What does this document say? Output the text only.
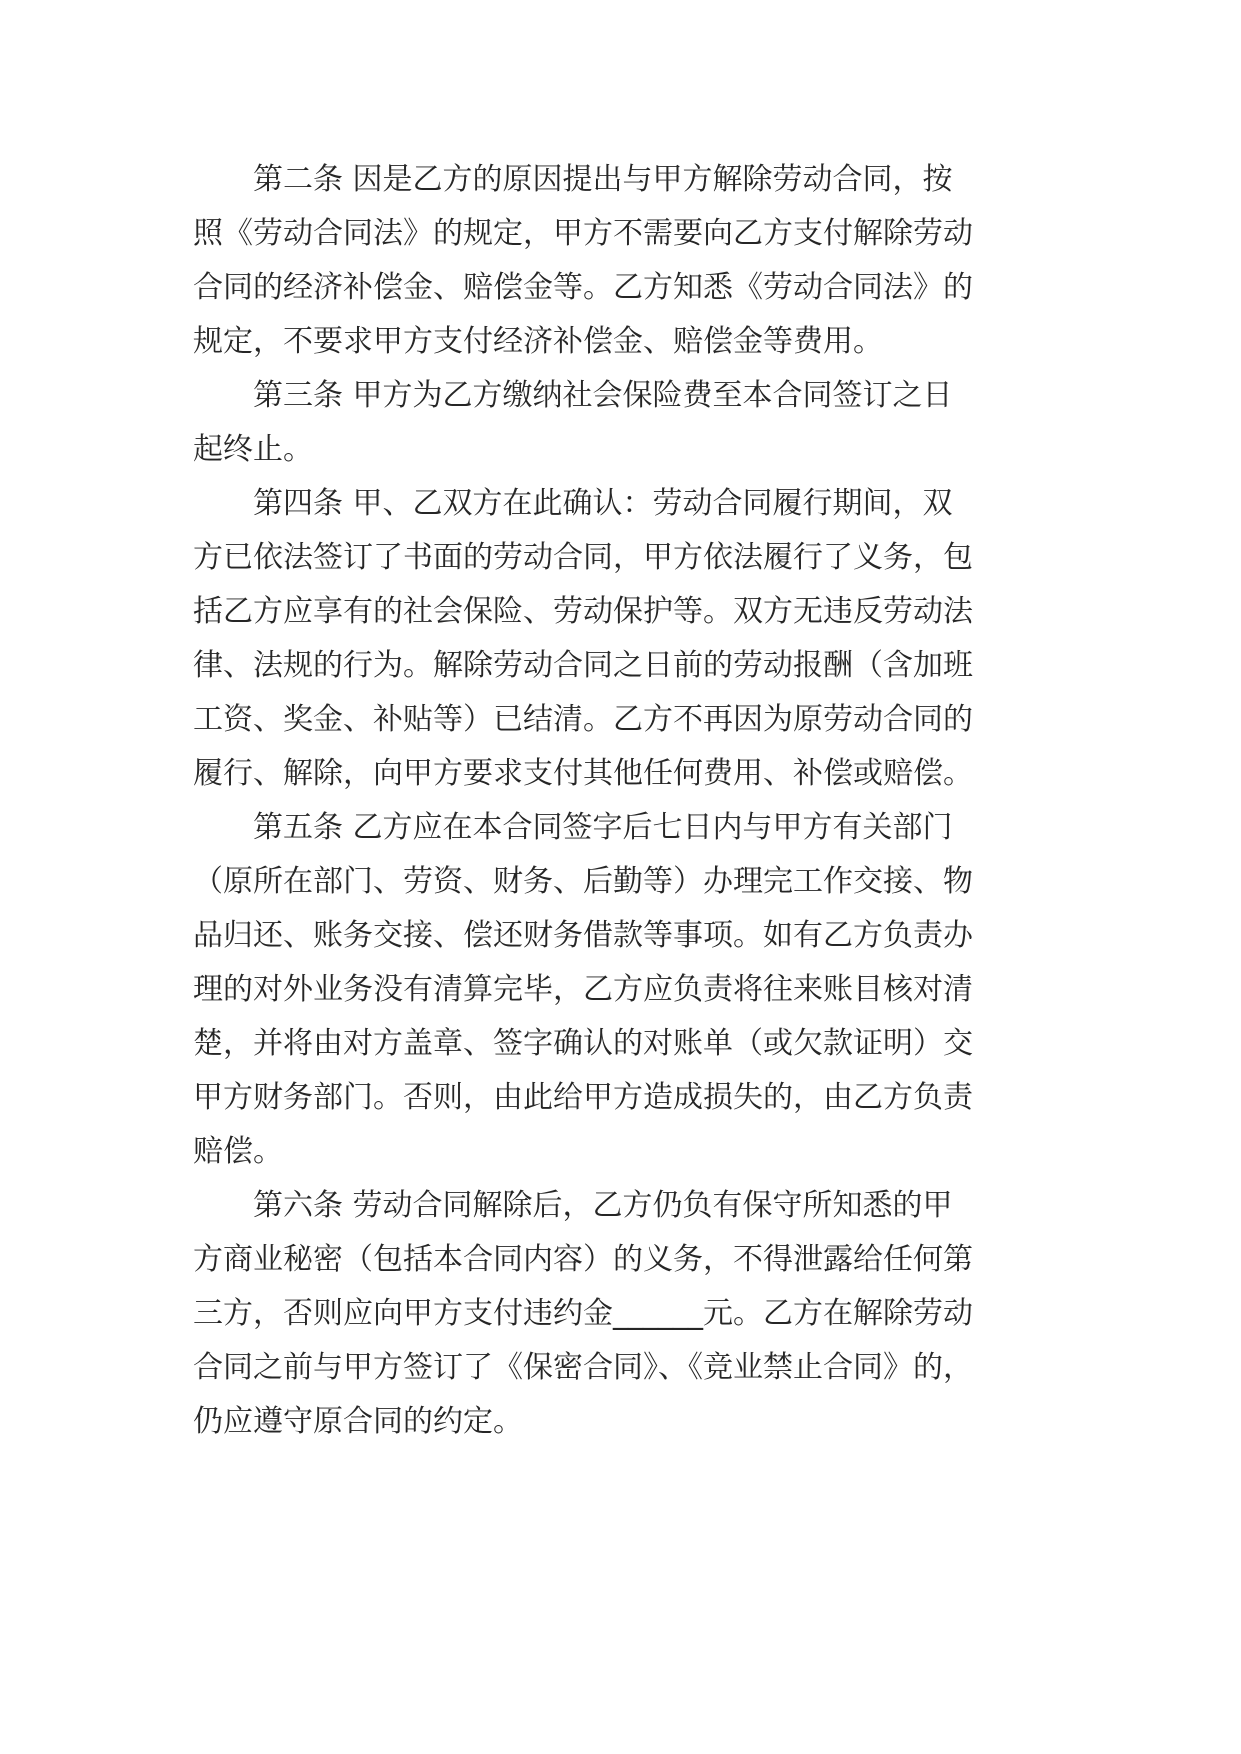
第二条 因是乙方的原因提出与甲方解除劳动合同，按
照《劳动合同法》的规定，甲方不需要向乙方支付解除劳动
合同的经济补偿金、赔偿金等。乙方知悉《劳动合同法》的
规定，不要求甲方支付经济补偿金、赔偿金等费用。
第三条 甲方为乙方缴纳社会保险费至本合同签订之日
起终止。
第四条 甲、乙双方在此确认：劳动合同履行期间，双
方已依法签订了书面的劳动合同，甲方依法履行了义务，包
括乙方应享有的社会保险、劳动保护等。双方无违反劳动法
律、法规的行为。解除劳动合同之日前的劳动报酬（含加班
工资、奖金、补贴等）已结清。乙方不再因为原劳动合同的
履行、解除，向甲方要求支付其他任何费用、补偿或赔偿。
第五条 乙方应在本合同签字后七日内与甲方有关部门
（原所在部门、劳资、财务、后勤等）办理完工作交接、物
品归还、账务交接、偿还财务借款等事项。如有乙方负责办
理的对外业务没有清算完毕，乙方应负责将往来账目核对清
楚，并将由对方盖章、签字确认的对账单（或欠款证明）交
甲方财务部门。否则，由此给甲方造成损失的，由乙方负责
赔偿。
第六条 劳动合同解除后，乙方仍负有保守所知悉的甲
方商业秘密（包括本合同内容）的义务，不得泄露给任何第
三方，否则应向甲方支付违约金______元。乙方在解除劳动
合同之前与甲方签订了《保密合同》、《竞业禁止合同》的，
仍应遵守原合同的约定。
